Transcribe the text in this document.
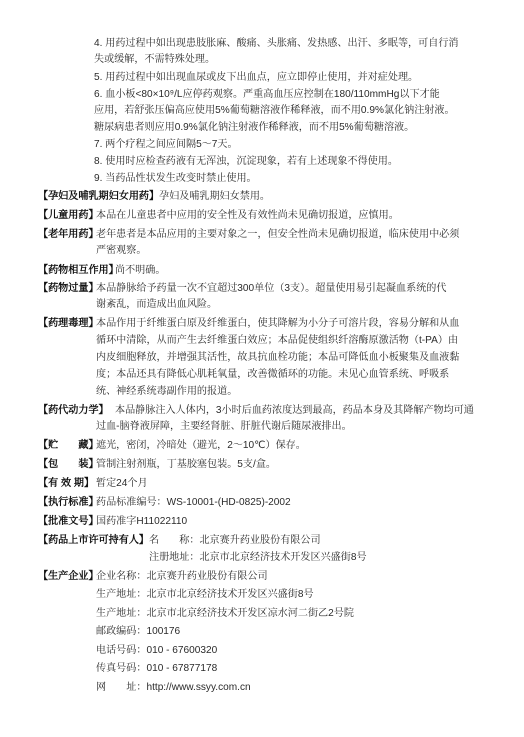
4. 用药过程中如出现患肢胀麻、酸痛、头胀痛、发热感、出汗、多眠等，可自行消
失或缓解，不需特殊处理。
5. 用药过程中如出现血尿或皮下出血点，应立即停止使用，并对症处理。
6. 血小板<80×10⁹/L应停药观察。严重高血压应控制在180/110mmHg以下才能
应用，若舒张压偏高应使用5%葡萄糖溶液作稀释液，而不用0.9%氯化钠注射液。
糖尿病患者则应用0.9%氯化钠注射液作稀释液，而不用5%葡萄糖溶液。
7. 两个疗程之间应间隔5～7天。
8. 使用时应检查药液有无浑浊，沉淀现象，若有上述现象不得使用。
9. 当药品性状发生改变时禁止使用。
【孕妇及哺乳期妇女用药】 孕妇及哺乳期妇女禁用。
【儿童用药】
本品在儿童患者中应用的安全性及有效性尚未见确切报道，应慎用。
【老年用药】
老年患者是本品应用的主要对象之一，但安全性尚未见确切报道，临床使用中必须
严密观察。
【药物相互作用】
尚不明确。
【药物过量】
本品静脉给予药量一次不宜超过300单位（3支）。超量使用易引起凝血系统的代
谢紊乱，而造成出血风险。
【药理毒理】
本品作用于纤维蛋白原及纤维蛋白，使其降解为小分子可溶片段，容易分解和从血
循环中清除，从而产生去纤维蛋白效应；本品促使组织纤溶酶原激活物（t-PA）由
内皮细胞释放，并增强其活性，故具抗血栓功能；本品可降低血小板聚集及血液黏
度；本品还具有降低心肌耗氧量，改善微循环的功能。未见心血管系统、呼吸系
统、神经系统毒副作用的报道。
【药代动力学】 本品静脉注入人体内，3小时后血药浓度达到最高，药品本身及其降解产物均可通
过血-脑脊液屏障，主要经肾脏、肝脏代谢后随尿液排出。
【贮　　藏】
遮光，密闭，冷暗处（避光，2～10℃）保存。
【包　　装】
管制注射剂瓶，丁基胶塞包装。5支/盒。
【有 效 期】 暂定24个月
【执行标准】
药品标准编号：WS-10001-(HD-0825)-2002
【批准文号】
国药准字H11022110
【药品上市许可持有人】 名　　称：北京赛升药业股份有限公司
注册地址：北京市北京经济技术开发区兴盛街8号
【生产企业】
企业名称：北京赛升药业股份有限公司
生产地址：北京市北京经济技术开发区兴盛街8号
生产地址：北京市北京经济技术开发区凉水河二街乙2号院
邮政编码：100176
电话号码：010 - 67600320
传真号码：010 - 67877178
网　　址：http://www.ssyy.com.cn
